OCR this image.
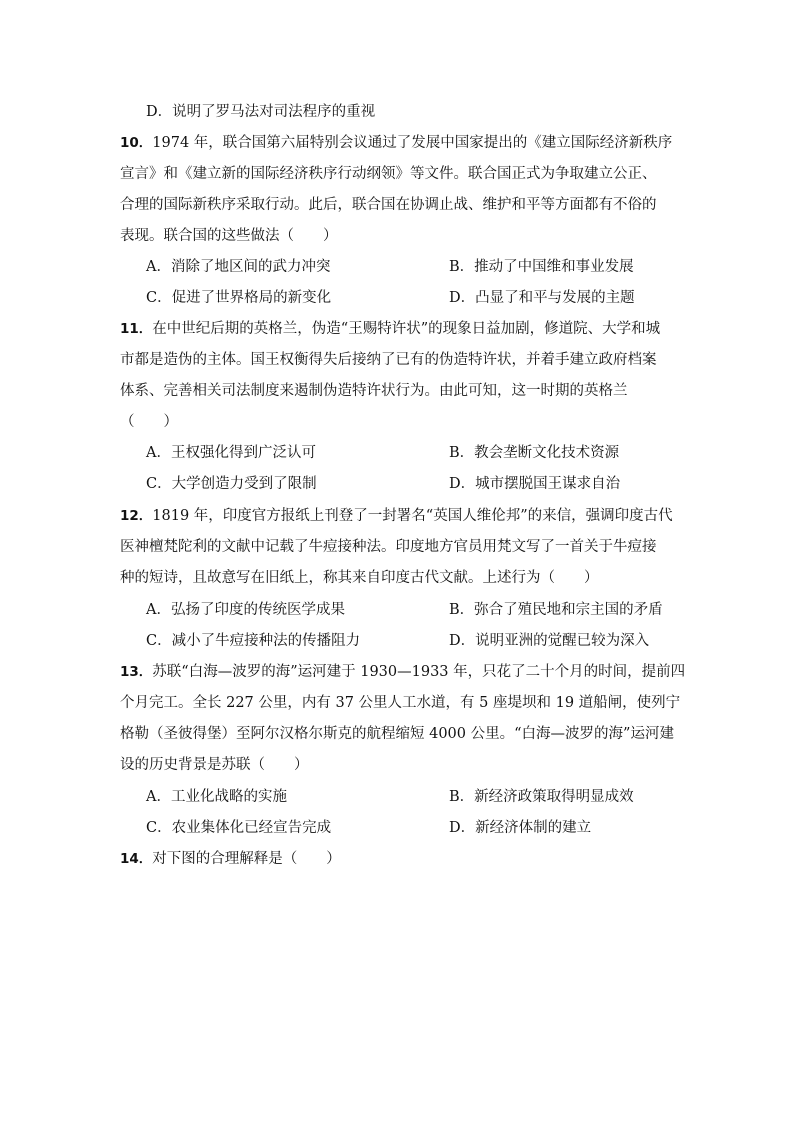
D．说明了罗马法对司法程序的重视
10．1974 年，联合国第六届特别会议通过了发展中国家提出的《建立国际经济新秩序
宣言》和《建立新的国际经济秩序行动纲领》等文件。联合国正式为争取建立公正、
合理的国际新秩序采取行动。此后，联合国在协调止战、维护和平等方面都有不俗的
表现。联合国的这些做法（　　）
A．消除了地区间的武力冲突	B．推动了中国维和事业发展
C．促进了世界格局的新变化	D．凸显了和平与发展的主题
11．在中世纪后期的英格兰，伪造“王赐特许状”的现象日益加剧，修道院、大学和城
市都是造伪的主体。国王权衡得失后接纳了已有的伪造特许状，并着手建立政府档案
体系、完善相关司法制度来遏制伪造特许状行为。由此可知，这一时期的英格兰
（　　）
A．王权强化得到广泛认可	B．教会垄断文化技术资源
C．大学创造力受到了限制	D．城市摆脱国王谋求自治
12．1819 年，印度官方报纸上刊登了一封署名“英国人维伦邦”的来信，强调印度古代
医神檀梵陀利的文献中记载了牛痘接种法。印度地方官员用梵文写了一首关于牛痘接
种的短诗，且故意写在旧纸上，称其来自印度古代文献。上述行为（　　）
A．弘扬了印度的传统医学成果	B．弥合了殖民地和宗主国的矛盾
C．减小了牛痘接种法的传播阻力	D．说明亚洲的觉醒已较为深入
13．苏联“白海—波罗的海”运河建于 1930—1933 年，只花了二十个月的时间，提前四
个月完工。全长 227 公里，内有 37 公里人工水道，有 5 座堤坝和 19 道船闸，使列宁
格勒（圣彼得堡）至阿尔汉格尔斯克的航程缩短 4000 公里。“白海—波罗的海”运河建
设的历史背景是苏联（　　）
A．工业化战略的实施	B．新经济政策取得明显成效
C．农业集体化已经宣告完成	D．新经济体制的建立
14．对下图的合理解释是（　　）
